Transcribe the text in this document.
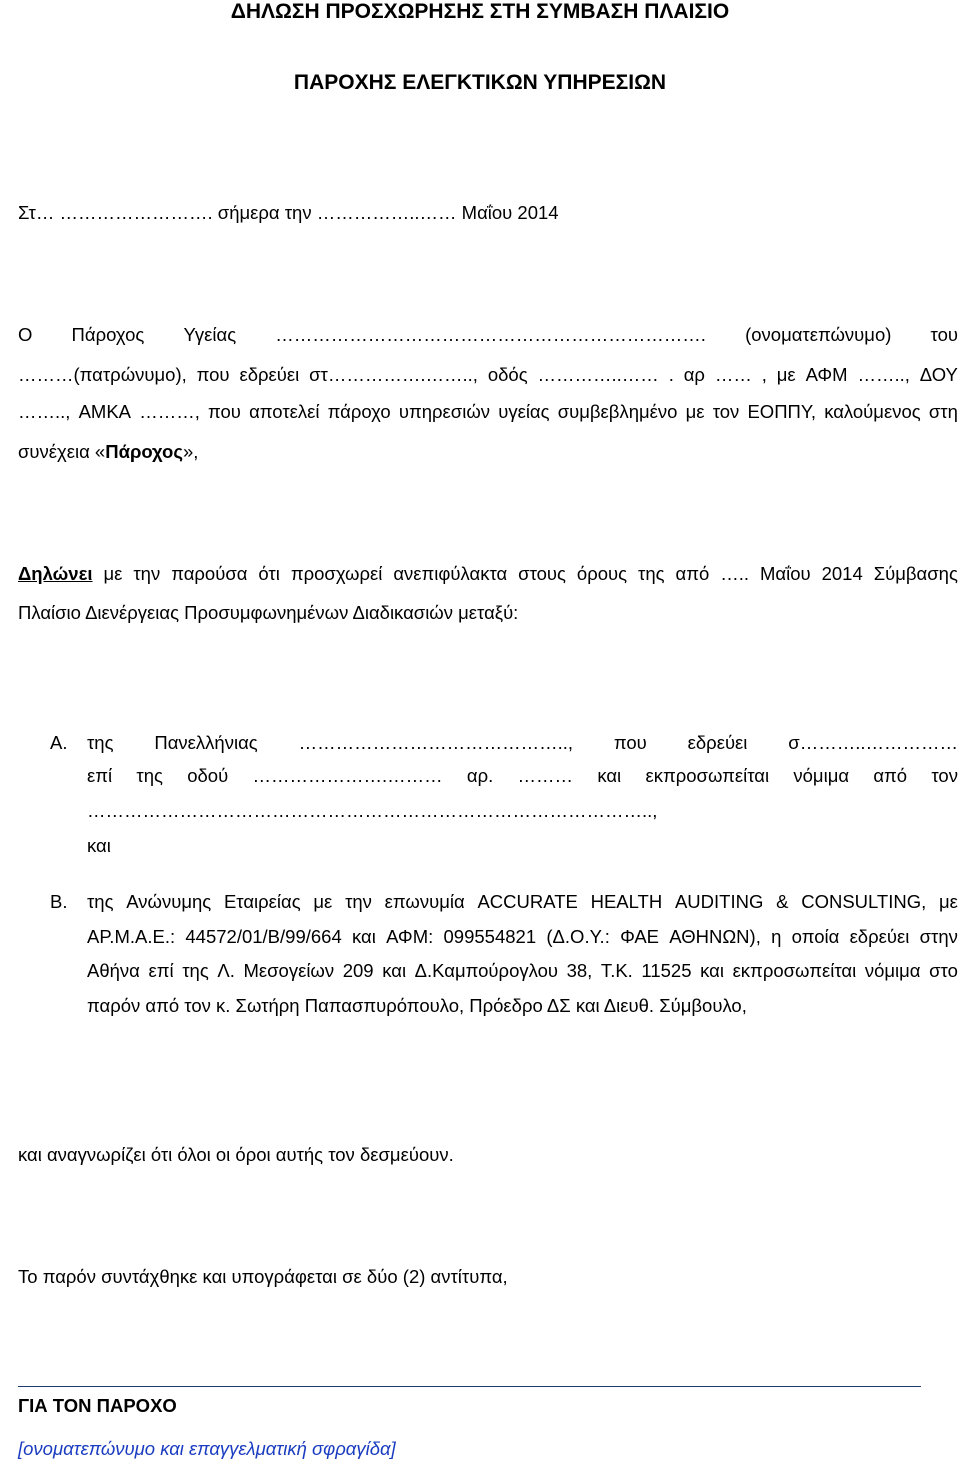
ΔΗΛΩΣΗ ΠΡΟΣΧΩΡΗΣΗΣ ΣΤΗ ΣΥΜΒΑΣΗ ΠΛΑΙΣΙΟ
ΠΑΡΟΧΗΣ ΕΛΕΓΚΤΙΚΩΝ ΥΠΗΡΕΣΙΩΝ
Στ… ……………………. σήμερα την ……………..…… Μαΐου 2014
Ο Πάροχος Υγείας ……………………………………………………………. (ονοματεπώνυμο) του
………(πατρώνυμο), που εδρεύει στ…………….…….., οδός …………..…… . αρ …… , με ΑΦΜ …….., ΔΟΥ
…….., ΑΜΚΑ ………, που αποτελεί πάροχο υπηρεσιών υγείας συμβεβλημένο με τον ΕΟΠΠΥ, καλούμενος στη
συνέχεια «Πάροχος»,
Δηλώνει με την παρούσα ότι προσχωρεί ανεπιφύλακτα στους όρους της από ….. Μαΐου 2014 Σύμβασης
Πλαίσιο Διενέργειας Προσυμφωνημένων Διαδικασιών μεταξύ:
Α. της Πανελλήνιας …………………………………….., που εδρεύει σ………..……………
επί της οδού ………………….……… αρ. ……… και εκπροσωπείται νόμιμα από τον
………………………………………………………………………………..,
και
Β. της Ανώνυμης Εταιρείας με την επωνυμία ACCURATE HEALTH AUDITING & CONSULTING, με
ΑΡ.Μ.Α.Ε.: 44572/01/Β/99/664 και ΑΦΜ: 099554821 (Δ.Ο.Υ.: ΦΑΕ ΑΘΗΝΩΝ), η οποία εδρεύει στην
Αθήνα επί της Λ. Μεσογείων 209 και Δ.Καμπούρογλου 38, Τ.Κ. 11525 και εκπροσωπείται νόμιμα στο
παρόν από τον κ. Σωτήρη Παπασπυρόπουλο, Πρόεδρο ΔΣ και Διευθ. Σύμβουλο,
και αναγνωρίζει ότι όλοι οι όροι αυτής τον δεσμεύουν.
Το παρόν συντάχθηκε και υπογράφεται σε δύο (2) αντίτυπα,
ΓΙΑ ΤΟΝ ΠΑΡΟΧΟ
[ονοματεπώνυμο και επαγγελματική σφραγίδα]
